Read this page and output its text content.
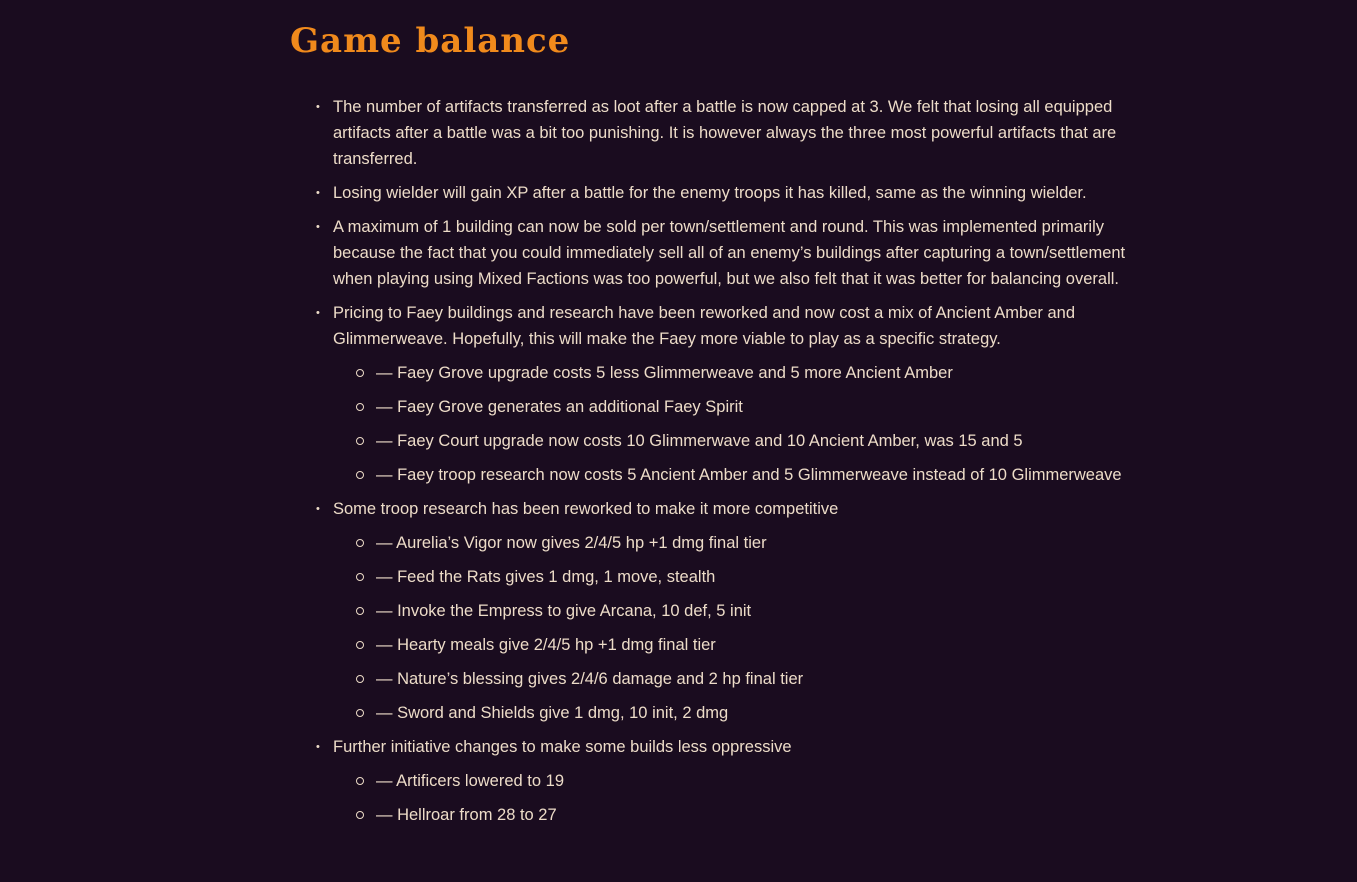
Game balance
• The number of artifacts transferred as loot after a battle is now capped at 3. We felt that losing all equipped artifacts after a battle was a bit too punishing. It is however always the three most powerful artifacts that are transferred.
• Losing wielder will gain XP after a battle for the enemy troops it has killed, same as the winning wielder.
• A maximum of 1 building can now be sold per town/settlement and round. This was implemented primarily because the fact that you could immediately sell all of an enemy’s buildings after capturing a town/settlement when playing using Mixed Factions was too powerful, but we also felt that it was better for balancing overall.
• Pricing to Faey buildings and research have been reworked and now cost a mix of Ancient Amber and Glimmerweave. Hopefully, this will make the Faey more viable to play as a specific strategy.
— Faey Grove upgrade costs 5 less Glimmerweave and 5 more Ancient Amber
— Faey Grove generates an additional Faey Spirit
— Faey Court upgrade now costs 10 Glimmerwave and 10 Ancient Amber, was 15 and 5
— Faey troop research now costs 5 Ancient Amber and 5 Glimmerweave instead of 10 Glimmerweave
• Some troop research has been reworked to make it more competitive
— Aurelia’s Vigor now gives 2/4/5 hp +1 dmg final tier
— Feed the Rats gives 1 dmg, 1 move, stealth
— Invoke the Empress to give Arcana, 10 def, 5 init
— Hearty meals give 2/4/5 hp +1 dmg final tier
— Nature’s blessing gives 2/4/6 damage and 2 hp final tier
— Sword and Shields give 1 dmg, 10 init, 2 dmg
• Further initiative changes to make some builds less oppressive
— Artificers lowered to 19
— Hellroar from 28 to 27
